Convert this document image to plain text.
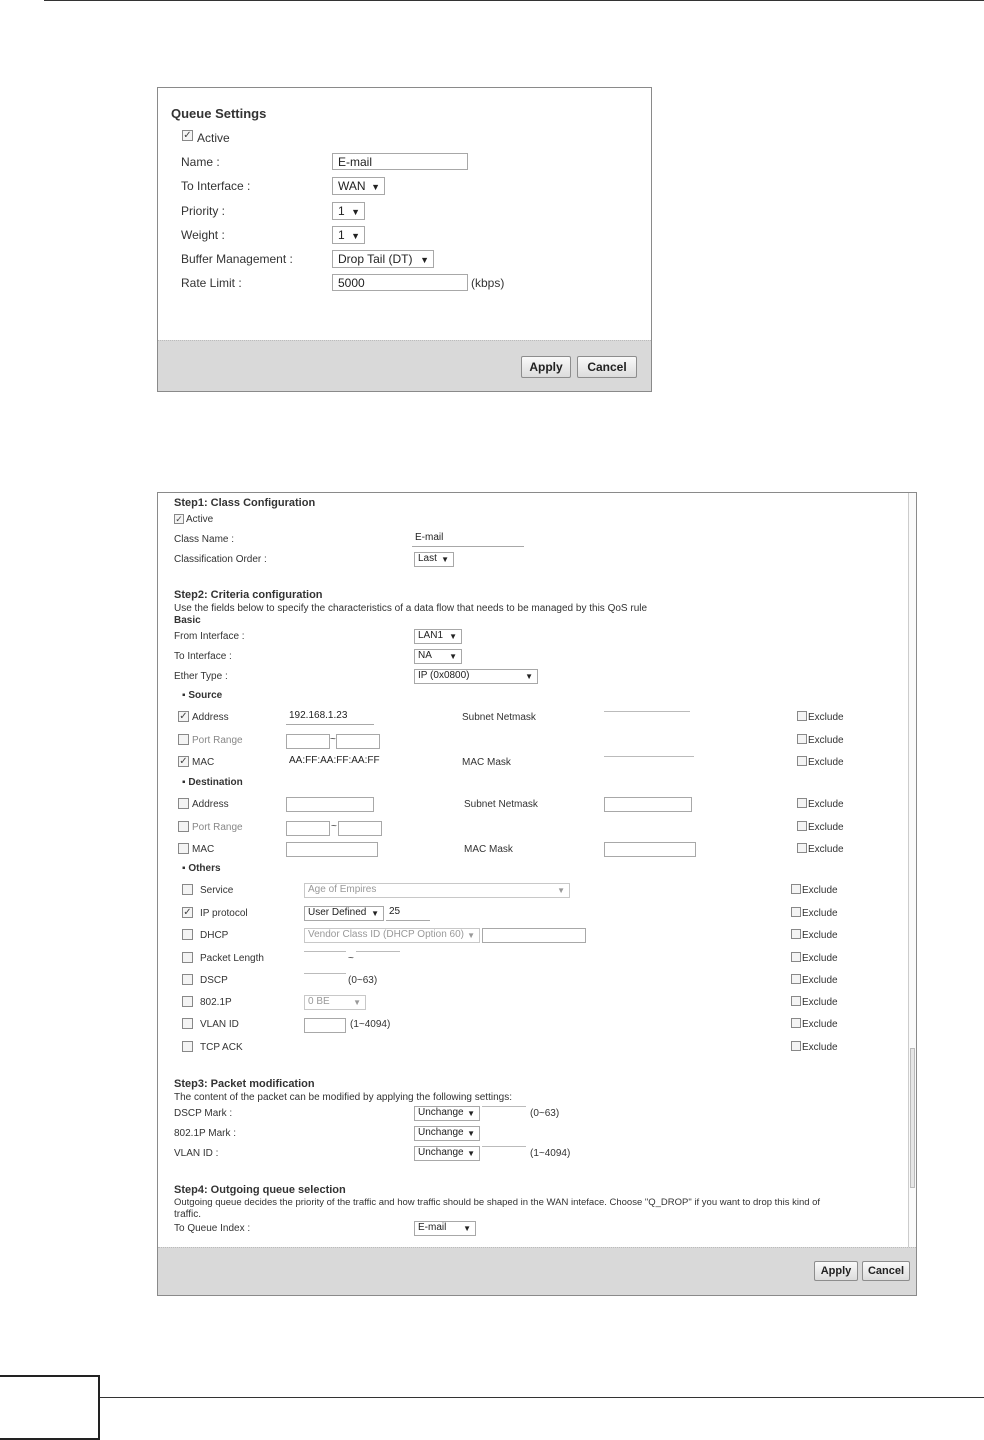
Queue Settings
✓ Active
Name :	E-mail
To Interface :	WAN ▼
Priority :	1 ▼
Weight :	1 ▼
Buffer Management :	Drop Tail (DT) ▼
Rate Limit :	5000	(kbps)
Apply	Cancel
Step1: Class Configuration
✓ Active
Class Name :	E-mail
Classification Order :	Last ▼
Step2: Criteria configuration
Use the fields below to specify the characteristics of a data flow that needs to be managed by this QoS rule
Basic
From Interface :	LAN1 ▼
To Interface :	NA ▼
Ether Type :	IP (0x0800)	▼
▪ Source
✓ Address	192.168.1.23	Subnet Netmask	Exclude
Port Range	~	Exclude
✓ MAC	AA:FF:AA:FF:AA:FF	MAC Mask	Exclude
▪ Destination
Address	Subnet Netmask	Exclude
Port Range	~	Exclude
MAC	MAC Mask	Exclude
▪ Others
Service	Age of Empires	▼	Exclude
✓ IP protocol	User Defined ▼	25	Exclude
DHCP	Vendor Class ID (DHCP Option 60) ▼	Exclude
Packet Length	~	Exclude
DSCP	(0~63)	Exclude
802.1P	0 BE	▼	Exclude
VLAN ID	(1~4094)	Exclude
TCP ACK	Exclude
Step3: Packet modification
The content of the packet can be modified by applying the following settings:
DSCP Mark :	Unchange ▼	(0~63)
802.1P Mark :	Unchange ▼
VLAN ID :	Unchange ▼	(1~4094)
Step4: Outgoing queue selection
Outgoing queue decides the priority of the traffic and how traffic should be shaped in the WAN inteface. Choose "Q_DROP" if you want to drop this kind of
traffic.
To Queue Index :	E-mail ▼
Apply	Cancel
